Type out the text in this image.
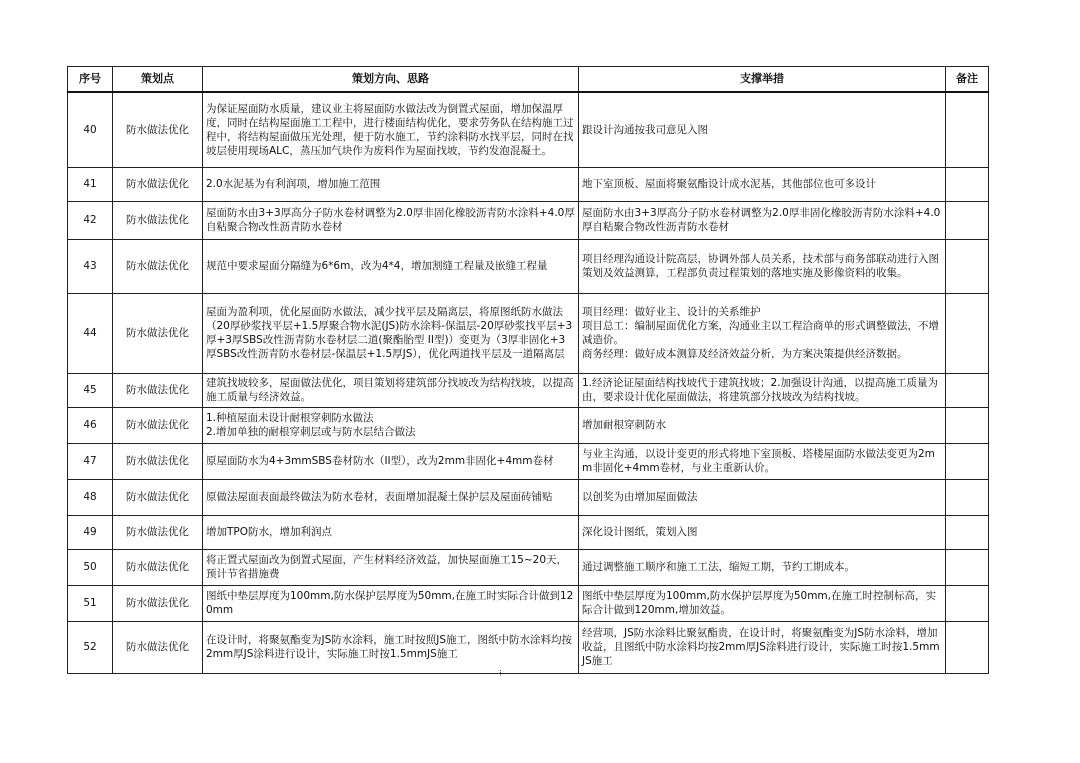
序号	策划点	策划方向、思路	支撑举措	备注
40	防水做法优化	为保证屋面防水质量，建议业主将屋面防水做法改为倒置式屋面，增加保温厚度，同时在结构屋面施工工程中，进行楼面结构优化，要求劳务队在结构施工过程中，将结构屋面做压光处理，便于防水施工，节约涂料防水找平层，同时在找坡层使用现场ALC，蒸压加气块作为废料作为屋面找坡，节约发泡混凝土。	跟设计沟通按我司意见入图	
41	防水做法优化	2.0水泥基为有利润项，增加施工范围	地下室顶板、屋面将聚氨酯设计成水泥基，其他部位也可多设计	
42	防水做法优化	屋面防水由3+3厚高分子防水卷材调整为2.0厚非固化橡胶沥青防水涂料+4.0厚自粘聚合物改性沥青防水卷材	屋面防水由3+3厚高分子防水卷材调整为2.0厚非固化橡胶沥青防水涂料+4.0厚自粘聚合物改性沥青防水卷材	
43	防水做法优化	规范中要求屋面分隔缝为6*6m，改为4*4，增加割缝工程量及嵌缝工程量	项目经理沟通设计院高层，协调外部人员关系，技术部与商务部联动进行入图策划及效益测算，工程部负责过程策划的落地实施及影像资料的收集。	
44	防水做法优化	屋面为盈利项，优化屋面防水做法，减少找平层及隔离层，将原图纸防水做法（20厚砂浆找平层+1.5厚聚合物水泥(JS)防水涂料-保温层-20厚砂浆找平层+3厚+3厚SBS改性沥青防水卷材层二道(聚酯胎型 II型)）变更为（3厚非固化+3厚SBS改性沥青防水卷材层-保温层+1.5厚JS），优化两道找平层及一道隔离层	项目经理：做好业主、设计的关系维护
项目总工：编制屋面优化方案，沟通业主以工程洽商单的形式调整做法，不增减造价。
商务经理：做好成本测算及经济效益分析，为方案决策提供经济数据。	
45	防水做法优化	建筑找坡较多，屋面做法优化，项目策划将建筑部分找坡改为结构找坡，以提高施工质量与经济效益。	1.经济论证屋面结构找坡代于建筑找坡；2.加强设计沟通，以提高施工质量为由，要求设计优化屋面做法，将建筑部分找坡改为结构找坡。	
46	防水做法优化	1.种植屋面未设计耐根穿刺防水做法
2.增加单独的耐根穿刺层或与防水层结合做法	增加耐根穿刺防水	
47	防水做法优化	原屋面防水为4+3mmSBS卷材防水（II型），改为2mm非固化+4mm卷材	与业主沟通，以设计变更的形式将地下室顶板、塔楼屋面防水做法变更为2mm非固化+4mm卷材，与业主重新认价。	
48	防水做法优化	原做法屋面表面最终做法为防水卷材，表面增加混凝土保护层及屋面砖铺贴	以创奖为由增加屋面做法	
49	防水做法优化	增加TPO防水，增加利润点	深化设计图纸，策划入图	
50	防水做法优化	将正置式屋面改为倒置式屋面，产生材料经济效益，加快屋面施工15~20天，预计节省措施费	通过调整施工顺序和施工工法，缩短工期，节约工期成本。	
51	防水做法优化	图纸中垫层厚度为100mm,防水保护层厚度为50mm,在施工时实际合计做到120mm	图纸中垫层厚度为100mm,防水保护层厚度为50mm,在施工时控制标高，实际合计做到120mm,增加效益。	
52	防水做法优化	在设计时，将聚氨酯变为JS防水涂料，施工时按照JS施工，图纸中防水涂料均按2mm厚JS涂料进行设计，实际施工时按1.5mmJS施工	经营项，JS防水涂料比聚氨酯贵，在设计时，将聚氨酯变为JS防水涂料，增加收益，且图纸中防水涂料均按2mm厚JS涂料进行设计，实际施工时按1.5mmJS施工	
⁝
